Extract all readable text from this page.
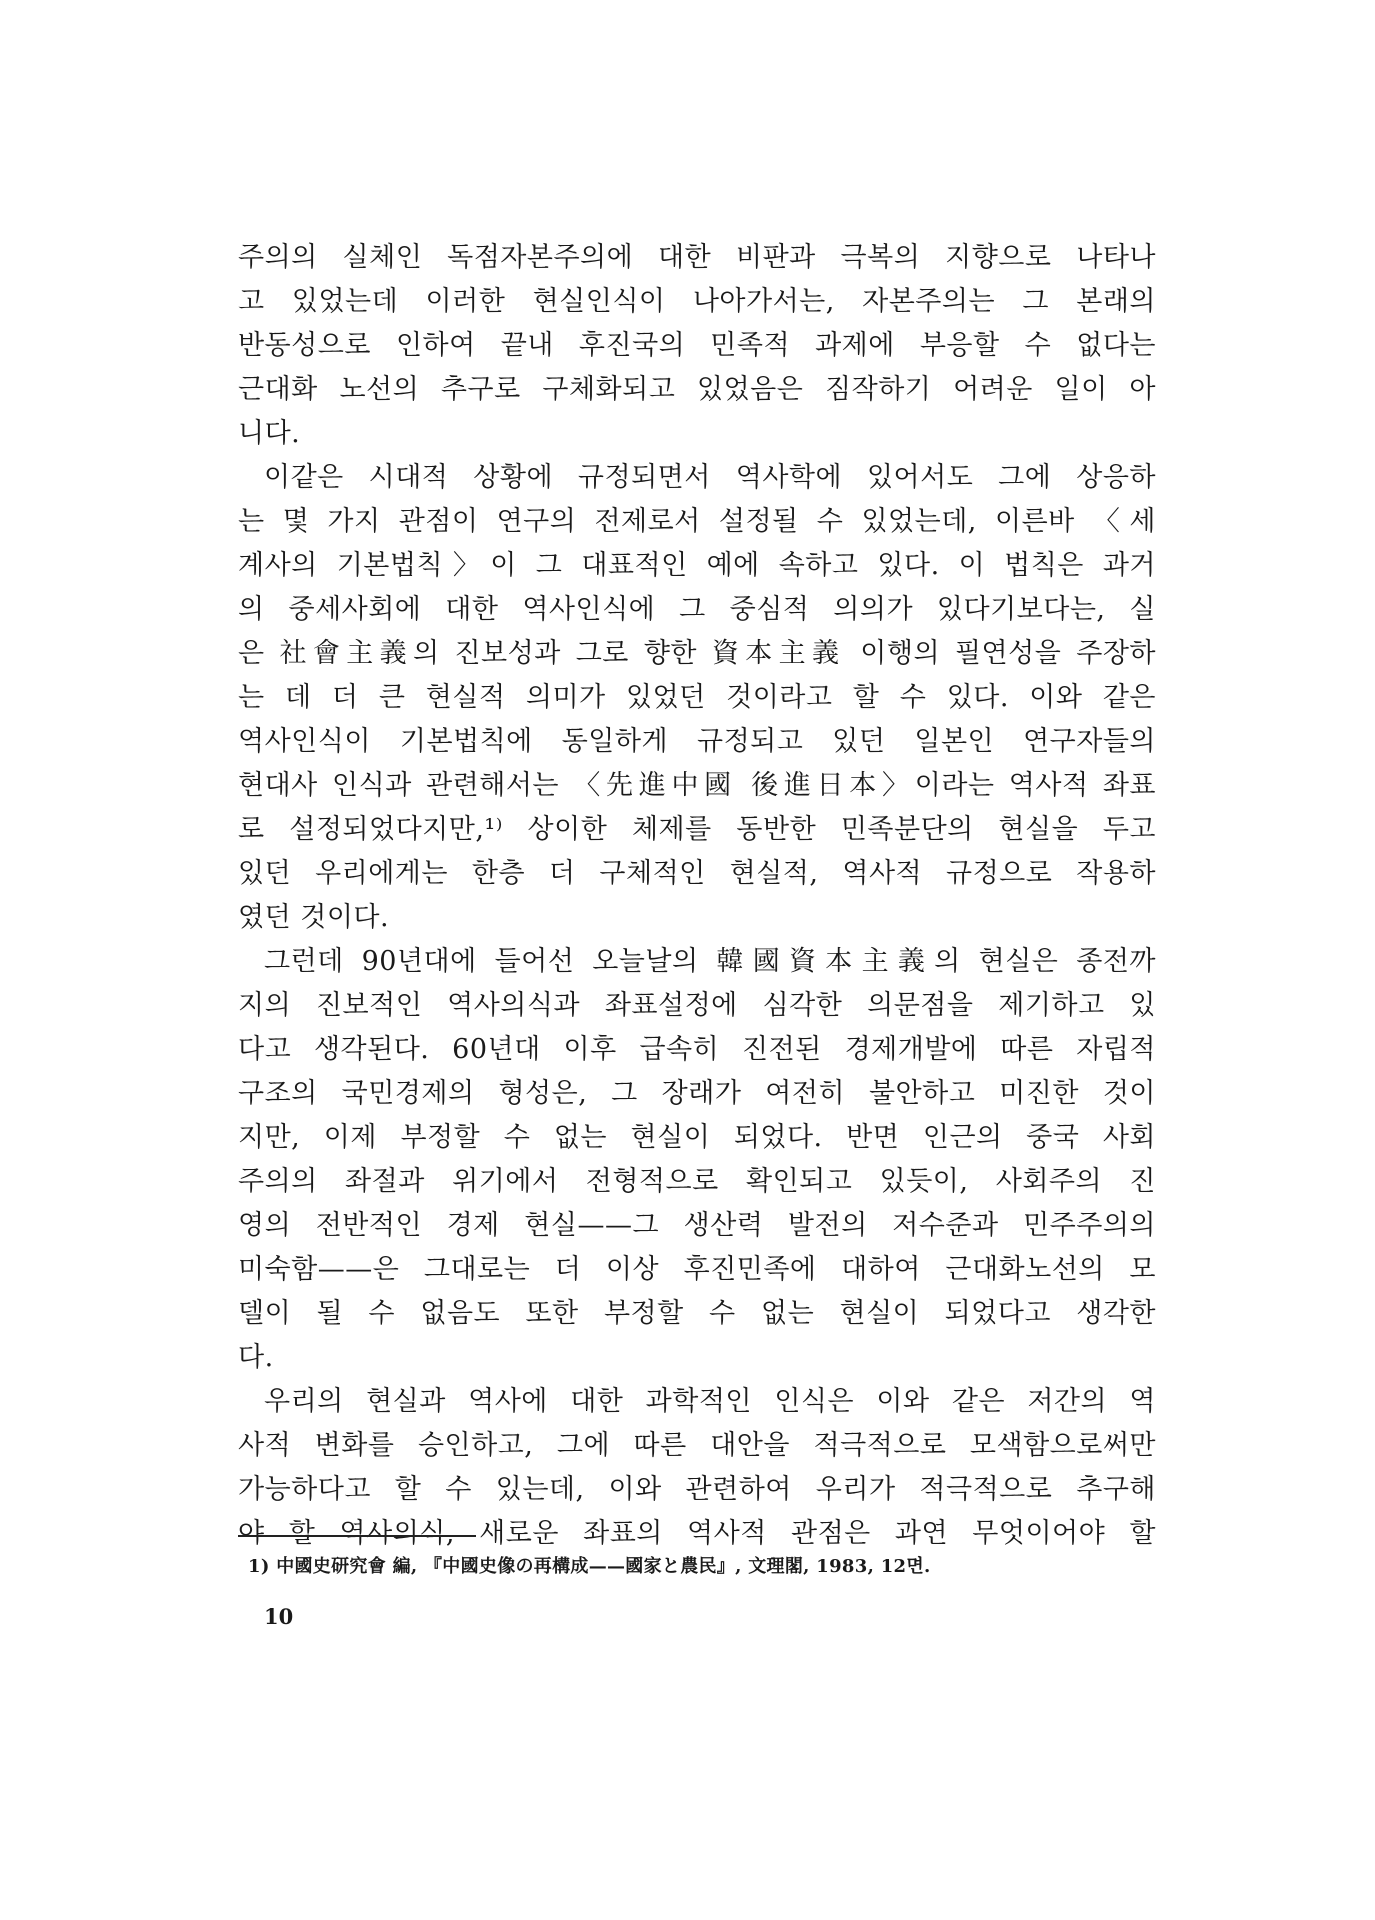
주의의 실체인 독점자본주의에 대한 비판과 극복의 지향으로 나타나
고 있었는데 이러한 현실인식이 나아가서는, 자본주의는 그 본래의
반동성으로 인하여 끝내 후진국의 민족적 과제에 부응할 수 없다는
근대화 노선의 추구로 구체화되고 있었음은 짐작하기 어려운 일이 아
니다.
이같은 시대적 상황에 규정되면서 역사학에 있어서도 그에 상응하
는 몇 가지 관점이 연구의 전제로서 설정될 수 있었는데, 이른바 〈세
계사의 기본법칙〉이 그 대표적인 예에 속하고 있다. 이 법칙은 과거
의 중세사회에 대한 역사인식에 그 중심적 의의가 있다기보다는, 실
은 社會主義의 진보성과 그로 향한 資本主義 이행의 필연성을 주장하
는 데 더 큰 현실적 의미가 있었던 것이라고 할 수 있다. 이와 같은
역사인식이 기본법칙에 동일하게 규정되고 있던 일본인 연구자들의
현대사 인식과 관련해서는 〈先進中國 後進日本〉이라는 역사적 좌표
로 설정되었다지만,¹⁾ 상이한 체제를 동반한 민족분단의 현실을 두고
있던 우리에게는 한층 더 구체적인 현실적, 역사적 규정으로 작용하
였던 것이다.
그런데 90년대에 들어선 오늘날의 韓國資本主義의 현실은 종전까
지의 진보적인 역사의식과 좌표설정에 심각한 의문점을 제기하고 있
다고 생각된다. 60년대 이후 급속히 진전된 경제개발에 따른 자립적
구조의 국민경제의 형성은, 그 장래가 여전히 불안하고 미진한 것이
지만, 이제 부정할 수 없는 현실이 되었다. 반면 인근의 중국 사회
주의의 좌절과 위기에서 전형적으로 확인되고 있듯이, 사회주의 진
영의 전반적인 경제 현실——그 생산력 발전의 저수준과 민주주의의
미숙함——은 그대로는 더 이상 후진민족에 대하여 근대화노선의 모
델이 될 수 없음도 또한 부정할 수 없는 현실이 되었다고 생각한
다.
우리의 현실과 역사에 대한 과학적인 인식은 이와 같은 저간의 역
사적 변화를 승인하고, 그에 따른 대안을 적극적으로 모색함으로써만
가능하다고 할 수 있는데, 이와 관련하여 우리가 적극적으로 추구해
야 할 역사의식, 새로운 좌표의 역사적 관점은 과연 무엇이어야 할
1) 中國史研究會 編, 『中國史像の再構成——國家と農民』, 文理閣, 1983, 12면.
10
